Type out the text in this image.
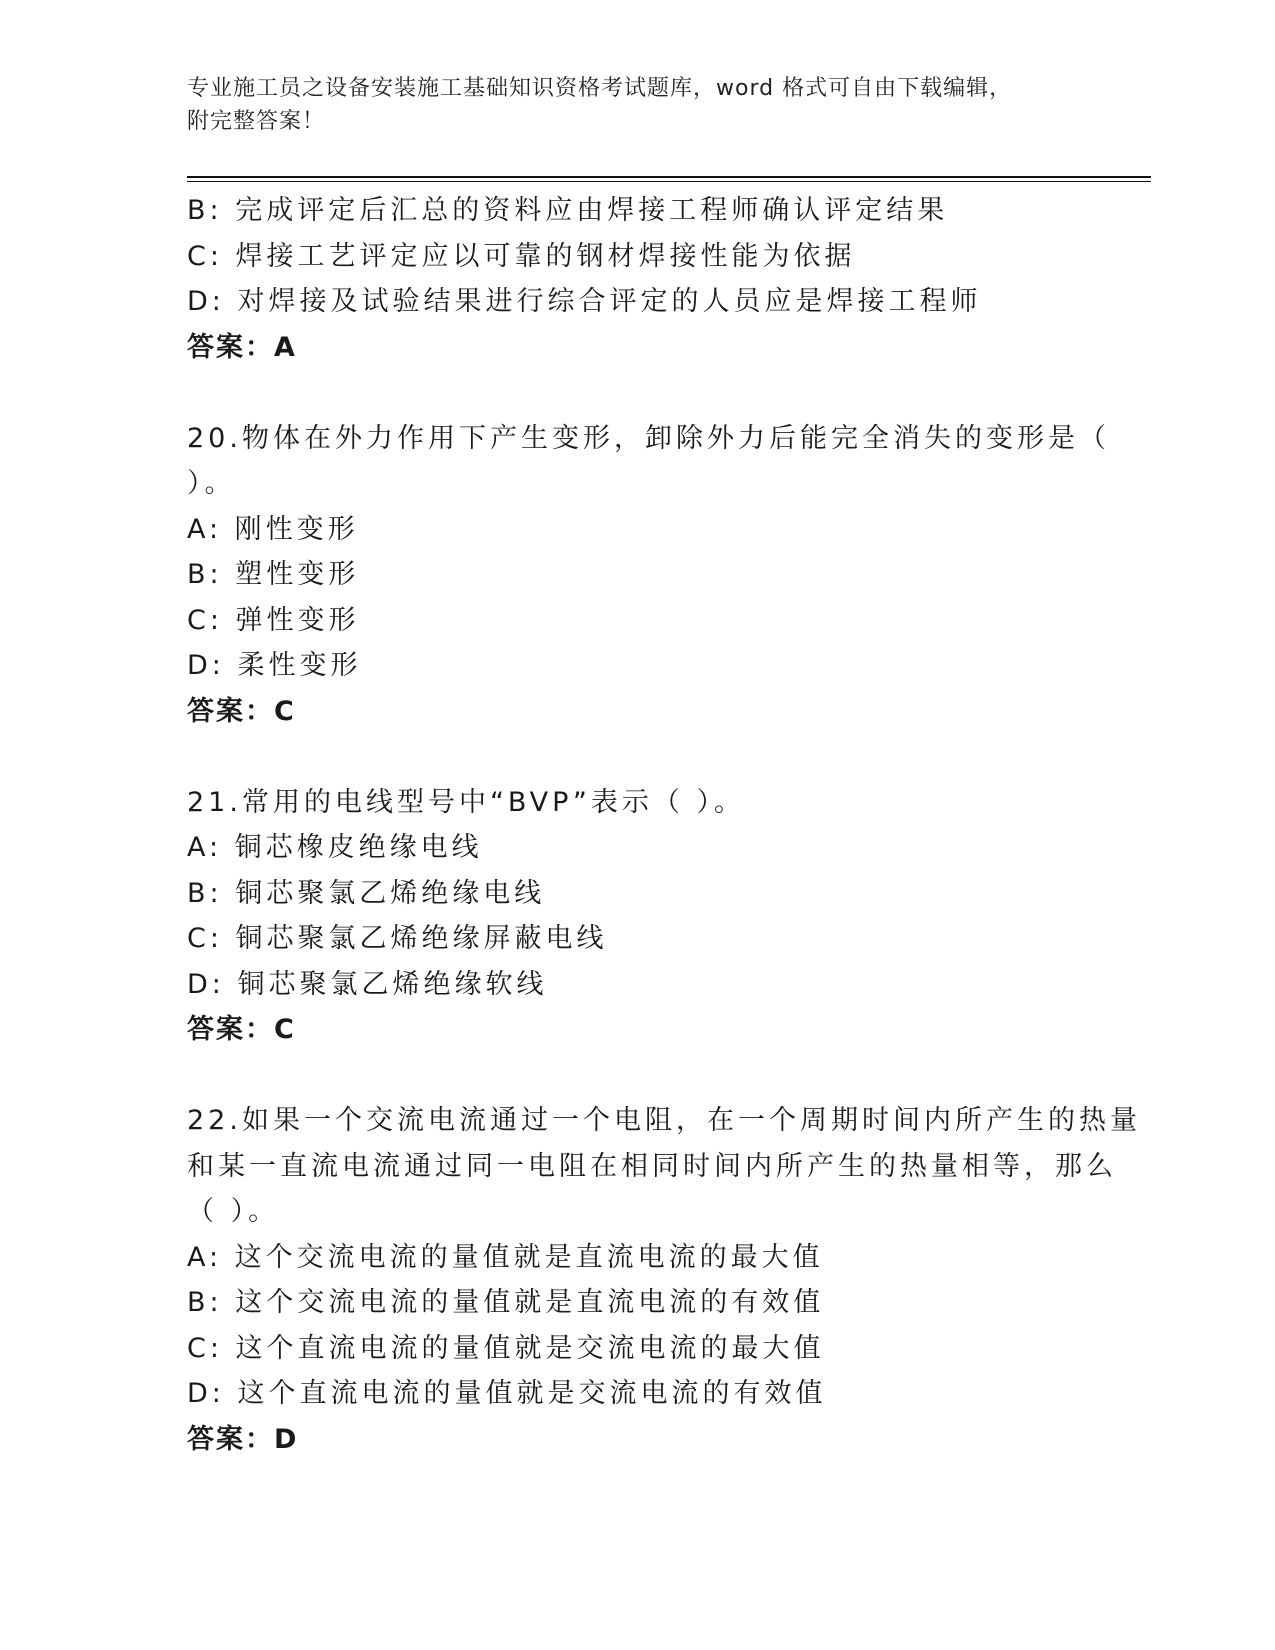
专业施工员之设备安装施工基础知识资格考试题库，word 格式可自由下载编辑，
附完整答案！
B: 完成评定后汇总的资料应由焊接工程师确认评定结果
C: 焊接工艺评定应以可靠的钢材焊接性能为依据
D: 对焊接及试验结果进行综合评定的人员应是焊接工程师
答案：A
20.物体在外力作用下产生变形，卸除外力后能完全消失的变形是（
）。
A: 刚性变形
B: 塑性变形
C: 弹性变形
D: 柔性变形
答案：C
21.常用的电线型号中“BVP”表示（ ）。
A: 铜芯橡皮绝缘电线
B: 铜芯聚氯乙烯绝缘电线
C: 铜芯聚氯乙烯绝缘屏蔽电线
D: 铜芯聚氯乙烯绝缘软线
答案：C
22.如果一个交流电流通过一个电阻，在一个周期时间内所产生的热量
和某一直流电流通过同一电阻在相同时间内所产生的热量相等，那么
（ ）。
A: 这个交流电流的量值就是直流电流的最大值
B: 这个交流电流的量值就是直流电流的有效值
C: 这个直流电流的量值就是交流电流的最大值
D: 这个直流电流的量值就是交流电流的有效值
答案：D
